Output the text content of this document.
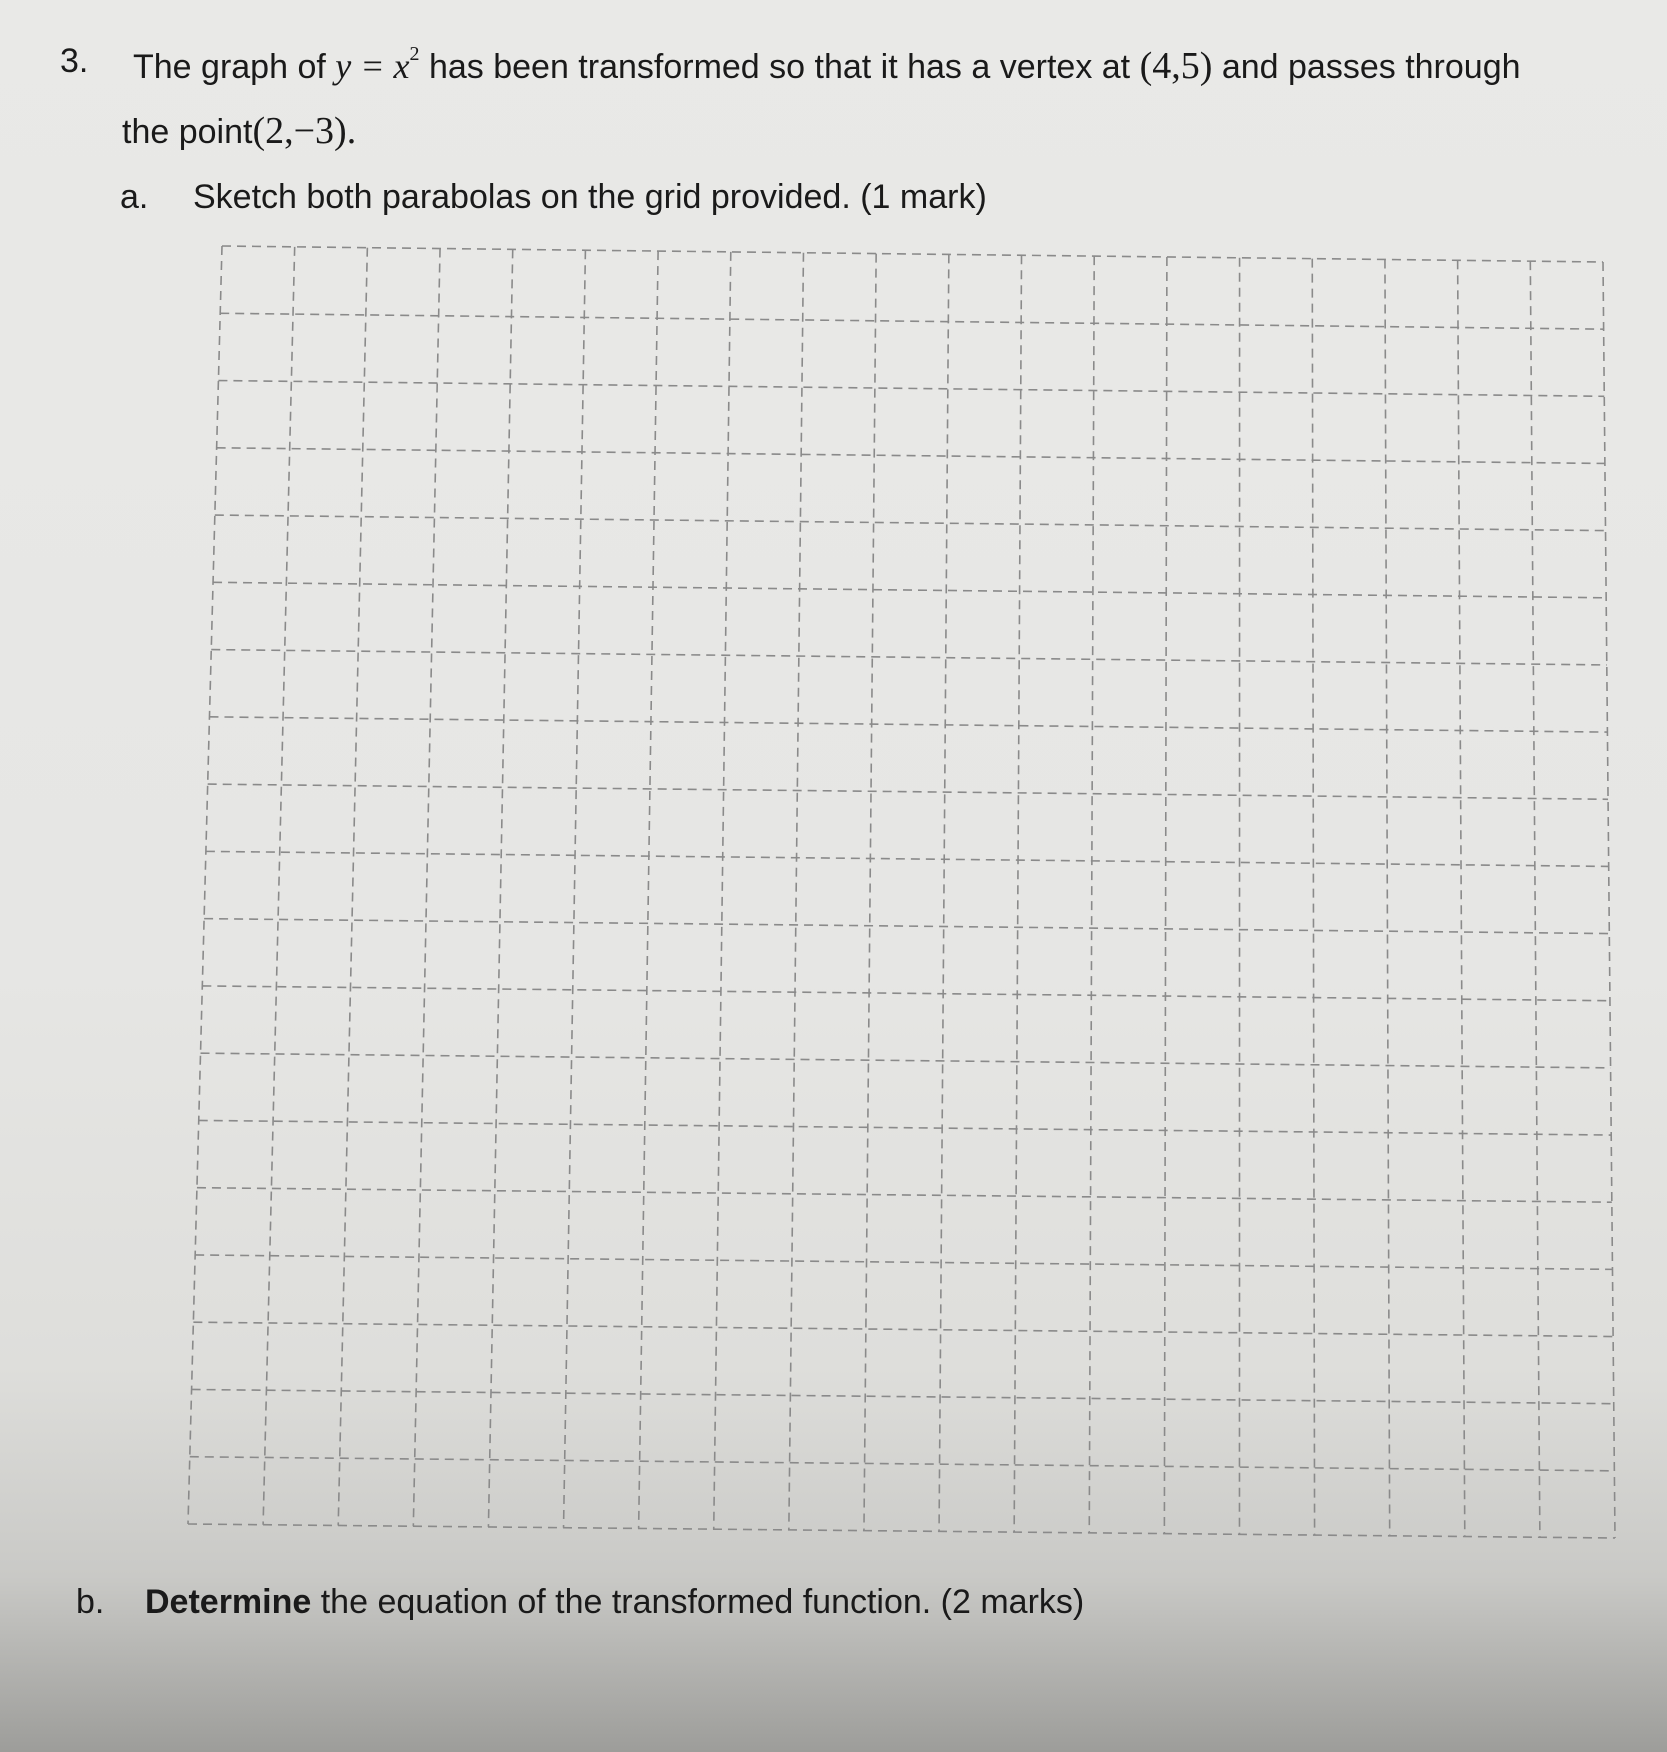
3. The graph of $y = x^2$ has been transformed so that it has a vertex at (4,5) and passes through
the point(2,−3).
a. Sketch both parabolas on the grid provided. (1 mark)
b. Determine the equation of the transformed function. (2 marks)
